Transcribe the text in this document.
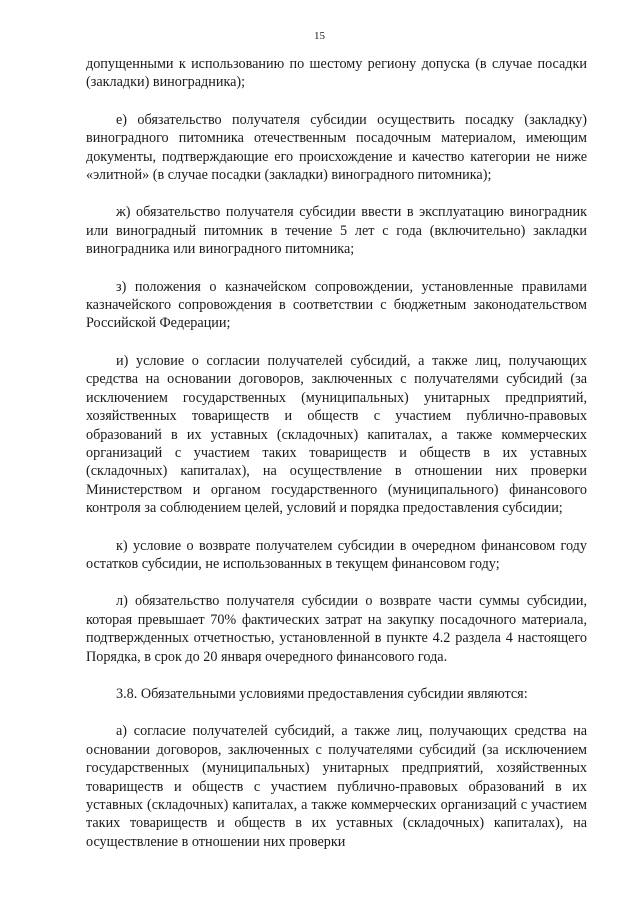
15

допущенными к использованию по шестому региону допуска (в случае посадки (закладки) виноградника);

е) обязательство получателя субсидии осуществить посадку (закладку) виноградного питомника отечественным посадочным материалом, имеющим документы, подтверждающие его происхождение и качество категории не ниже «элитной» (в случае посадки (закладки) виноградного питомника);

ж) обязательство получателя субсидии ввести в эксплуатацию виноградник или виноградный питомник в течение 5 лет с года (включительно) закладки виноградника или виноградного питомника;

з) положения о казначейском сопровождении, установленные правилами казначейского сопровождения в соответствии с бюджетным законодательством Российской Федерации;

и) условие о согласии получателей субсидий, а также лиц, получающих средства на основании договоров, заключенных с получателями субсидий (за исключением государственных (муниципальных) унитарных предприятий, хозяйственных товариществ и обществ с участием публично-правовых образований в их уставных (складочных) капиталах, а также коммерческих организаций с участием таких товариществ и обществ в их уставных (складочных) капиталах), на осуществление в отношении них проверки Министерством и органом государственного (муниципального) финансового контроля за соблюдением целей, условий и порядка предоставления субсидии;

к) условие о возврате получателем субсидии в очередном финансовом году остатков субсидии, не использованных в текущем финансовом году;

л) обязательство получателя субсидии о возврате части суммы субсидии, которая превышает 70% фактических затрат на закупку посадочного материала, подтвержденных отчетностью, установленной в пункте 4.2 раздела 4 настоящего Порядка, в срок до 20 января очередного финансового года.

3.8. Обязательными условиями предоставления субсидии являются:

а) согласие получателей субсидий, а также лиц, получающих средства на основании договоров, заключенных с получателями субсидий (за исключением государственных (муниципальных) унитарных предприятий, хозяйственных товариществ и обществ с участием публично-правовых образований в их уставных (складочных) капиталах, а также коммерческих организаций с участием таких товариществ и обществ в их уставных (складочных) капиталах), на осуществление в отношении них проверки
